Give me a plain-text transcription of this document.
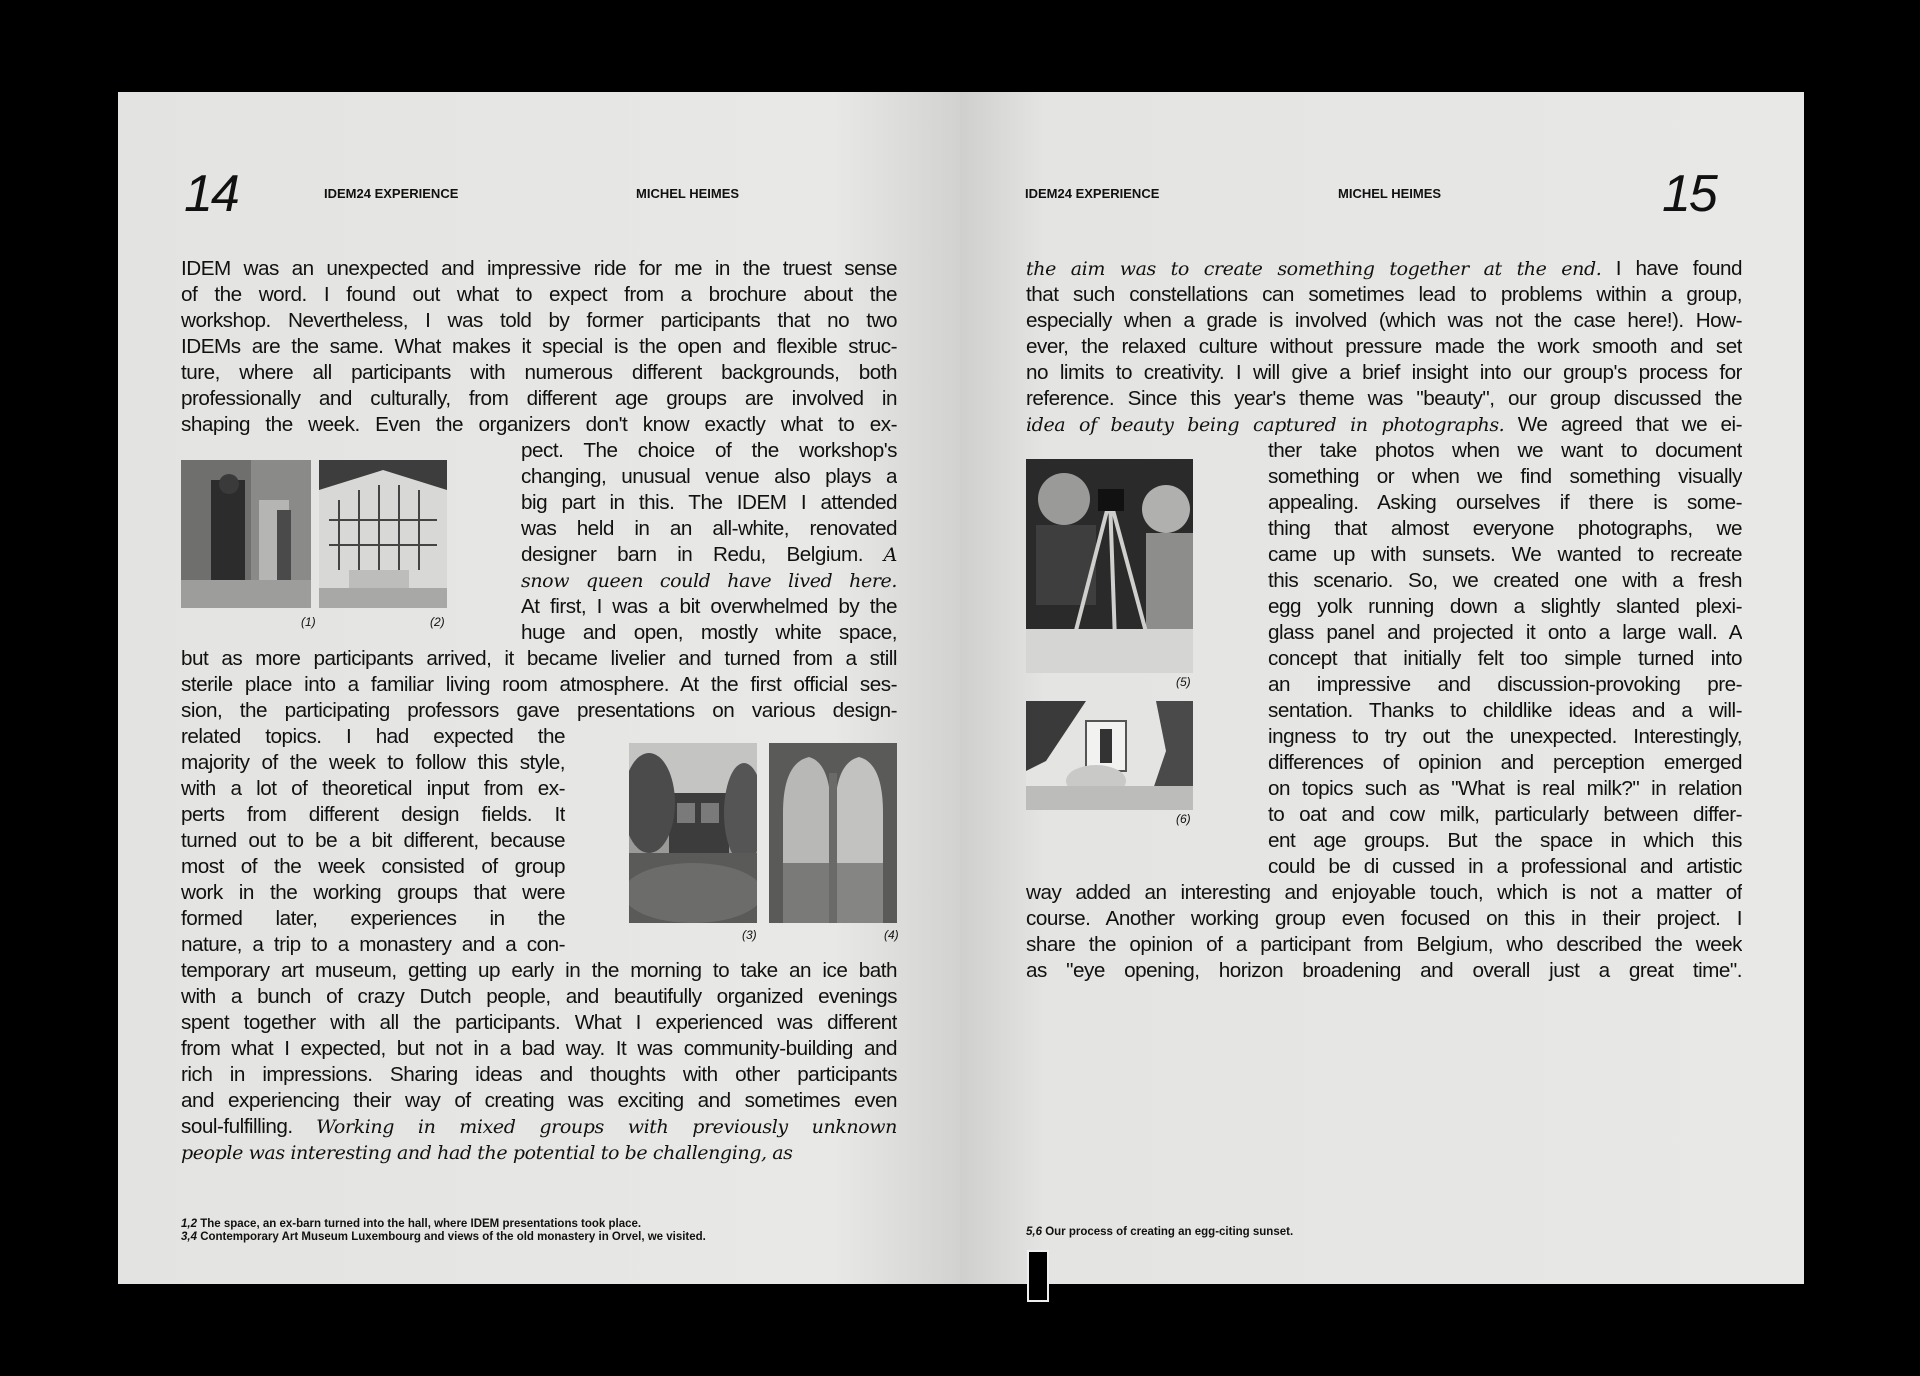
14	IDEM24 EXPERIENCE	MICHEL HEIMES
IDEM was an unexpected and impressive ride for me in the truest sense
of the word. I found out what to expect from a brochure about the
workshop. Nevertheless, I was told by former participants that no two
IDEMs are the same. What makes it special is the open and flexible struc-
ture, where all participants with numerous different backgrounds, both
professionally and culturally, from different age groups are involved in
shaping the week. Even the organizers don't know exactly what to ex-
(1)	(2)
pect. The choice of the workshop's
changing, unusual venue also plays a
big part in this. The IDEM I attended
was held in an all-white, renovated
designer barn in Redu, Belgium. A
snow queen could have lived here.
At first, I was a bit overwhelmed by the
huge and open, mostly white space,
but as more participants arrived, it became livelier and turned from a still
sterile place into a familiar living room atmosphere. At the first official ses-
sion, the participating professors gave presentations on various design-
related topics. I had expected the
majority of the week to follow this style,
with a lot of theoretical input from ex-
perts from different design fields. It
turned out to be a bit different, because
most of the week consisted of group
work in the working groups that were
formed later, experiences in the
nature, a trip to a monastery and a con-	(3)	(4)
temporary art museum, getting up early in the morning to take an ice bath
with a bunch of crazy Dutch people, and beautifully organized evenings
spent together with all the participants. What I experienced was different
from what I expected, but not in a bad way. It was community-building and
rich in impressions. Sharing ideas and thoughts with other participants
and experiencing their way of creating was exciting and sometimes even
soul-fulfilling. Working in mixed groups with previously unknown
people was interesting and had the potential to be challenging, as
1,2 The space, an ex-barn turned into the hall, where IDEM presentations took place.
3,4 Contemporary Art Museum Luxembourg and views of the old monastery in Orvel, we visited.
IDEM24 EXPERIENCE	MICHEL HEIMES	15
the aim was to create something together at the end. I have found
that such constellations can sometimes lead to problems within a group,
especially when a grade is involved (which was not the case here!). How-
ever, the relaxed culture without pressure made the work smooth and set
no limits to creativity. I will give a brief insight into our group's process for
reference. Since this year's theme was "beauty", our group discussed the
idea of beauty being captured in photographs. We agreed that we ei-
(5)
(6)
ther take photos when we want to document
something or when we find something visually
appealing. Asking ourselves if there is some-
thing that almost everyone photographs, we
came up with sunsets. We wanted to recreate
this scenario. So, we created one with a fresh
egg yolk running down a slightly slanted plexi-
glass panel and projected it onto a large wall. A
concept that initially felt too simple turned into
an impressive and discussion-provoking pre-
sentation. Thanks to childlike ideas and a will-
ingness to try out the unexpected. Interestingly,
differences of opinion and perception emerged
on topics such as "What is real milk?" in relation
to oat and cow milk, particularly between differ-
ent age groups. But the space in which this
could be di cussed in a professional and artistic
way added an interesting and enjoyable touch, which is not a matter of
course. Another working group even focused on this in their project. I
share the opinion of a participant from Belgium, who described the week
as "eye opening, horizon broadening and overall just a great time".
5,6 Our process of creating an egg-citing sunset.
